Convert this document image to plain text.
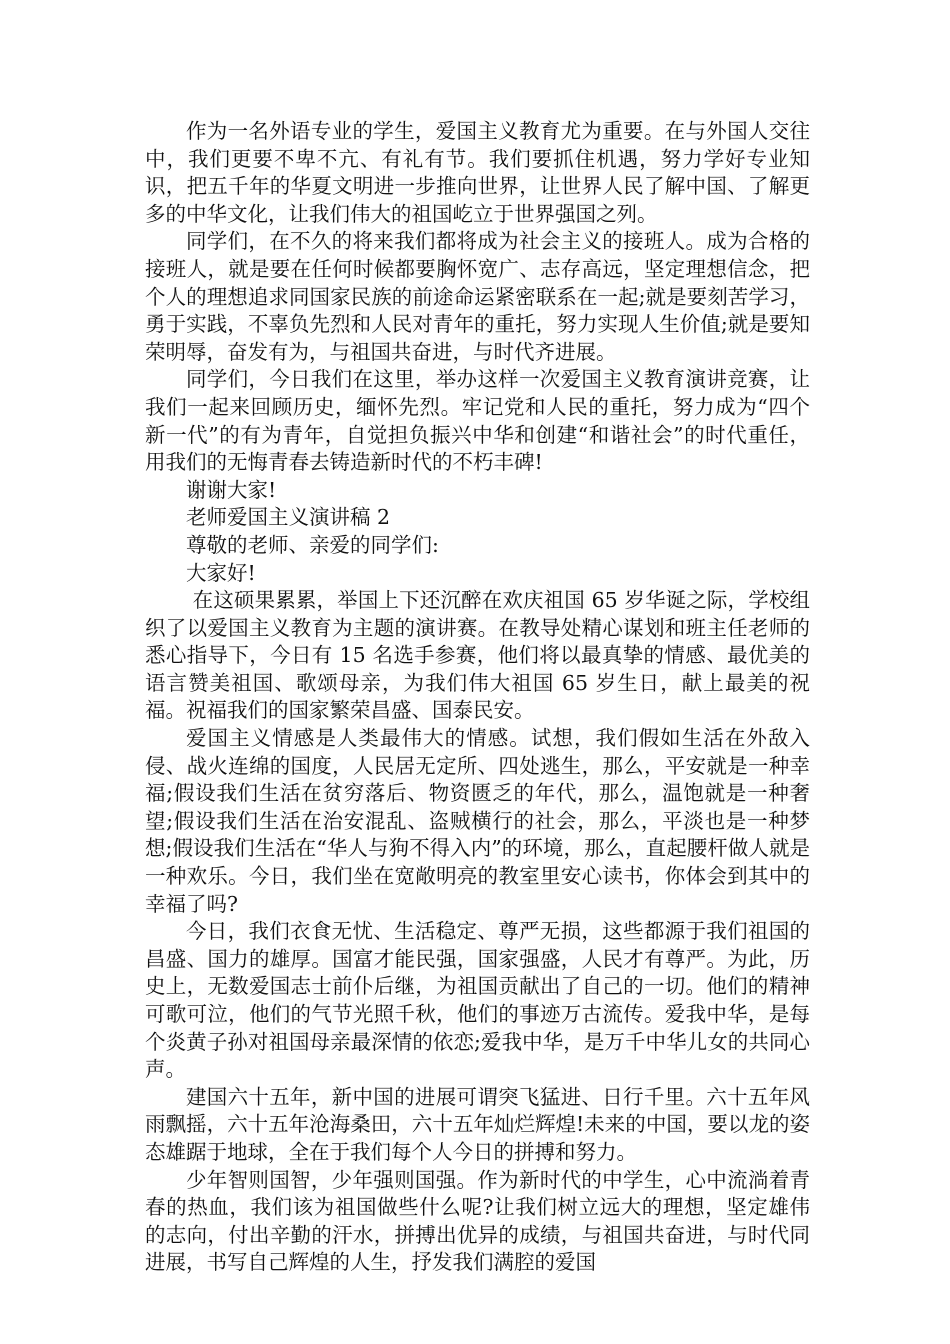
作为一名外语专业的学生，爱国主义教育尤为重要。在与外国人交往中，我们更要不卑不亢、有礼有节。我们要抓住机遇，努力学好专业知识，把五千年的华夏文明进一步推向世界，让世界人民了解中国、了解更多的中华文化，让我们伟大的祖国屹立于世界强国之列。

同学们，在不久的将来我们都将成为社会主义的接班人。成为合格的接班人，就是要在任何时候都要胸怀宽广、志存高远，坚定理想信念，把个人的理想追求同国家民族的前途命运紧密联系在一起;就是要刻苦学习，勇于实践，不辜负先烈和人民对青年的重托，努力实现人生价值;就是要知荣明辱，奋发有为，与祖国共奋进，与时代齐进展。

同学们，今日我们在这里，举办这样一次爱国主义教育演讲竞赛，让我们一起来回顾历史，缅怀先烈。牢记党和人民的重托，努力成为“四个新一代”的有为青年，自觉担负振兴中华和创建“和谐社会”的时代重任，用我们的无悔青春去铸造新时代的不朽丰碑!

谢谢大家!

老师爱国主义演讲稿 2

尊敬的老师、亲爱的同学们:

大家好!

在这硕果累累，举国上下还沉醉在欢庆祖国 65 岁华诞之际，学校组织了以爱国主义教育为主题的演讲赛。在教导处精心谋划和班主任老师的悉心指导下，今日有 15 名选手参赛，他们将以最真挚的情感、最优美的语言赞美祖国、歌颂母亲，为我们伟大祖国 65 岁生日，献上最美的祝福。祝福我们的国家繁荣昌盛、国泰民安。

爱国主义情感是人类最伟大的情感。试想，我们假如生活在外敌入侵、战火连绵的国度，人民居无定所、四处逃生，那么，平安就是一种幸福;假设我们生活在贫穷落后、物资匮乏的年代，那么，温饱就是一种奢望;假设我们生活在治安混乱、盗贼横行的社会，那么，平淡也是一种梦想;假设我们生活在“华人与狗不得入内”的环境，那么，直起腰杆做人就是一种欢乐。今日，我们坐在宽敞明亮的教室里安心读书，你体会到其中的幸福了吗?

今日，我们衣食无忧、生活稳定、尊严无损，这些都源于我们祖国的昌盛、国力的雄厚。国富才能民强，国家强盛，人民才有尊严。为此，历史上，无数爱国志士前仆后继，为祖国贡献出了自己的一切。他们的精神可歌可泣，他们的气节光照千秋，他们的事迹万古流传。爱我中华，是每个炎黄子孙对祖国母亲最深情的依恋;爱我中华，是万千中华儿女的共同心声。

建国六十五年，新中国的进展可谓突飞猛进、日行千里。六十五年风雨飘摇，六十五年沧海桑田，六十五年灿烂辉煌!未来的中国，要以龙的姿态雄踞于地球，全在于我们每个人今日的拼搏和努力。

少年智则国智，少年强则国强。作为新时代的中学生，心中流淌着青春的热血，我们该为祖国做些什么呢?让我们树立远大的理想，坚定雄伟的志向，付出辛勤的汗水，拼搏出优异的成绩，与祖国共奋进，与时代同进展，书写自己辉煌的人生，抒发我们满腔的爱国
